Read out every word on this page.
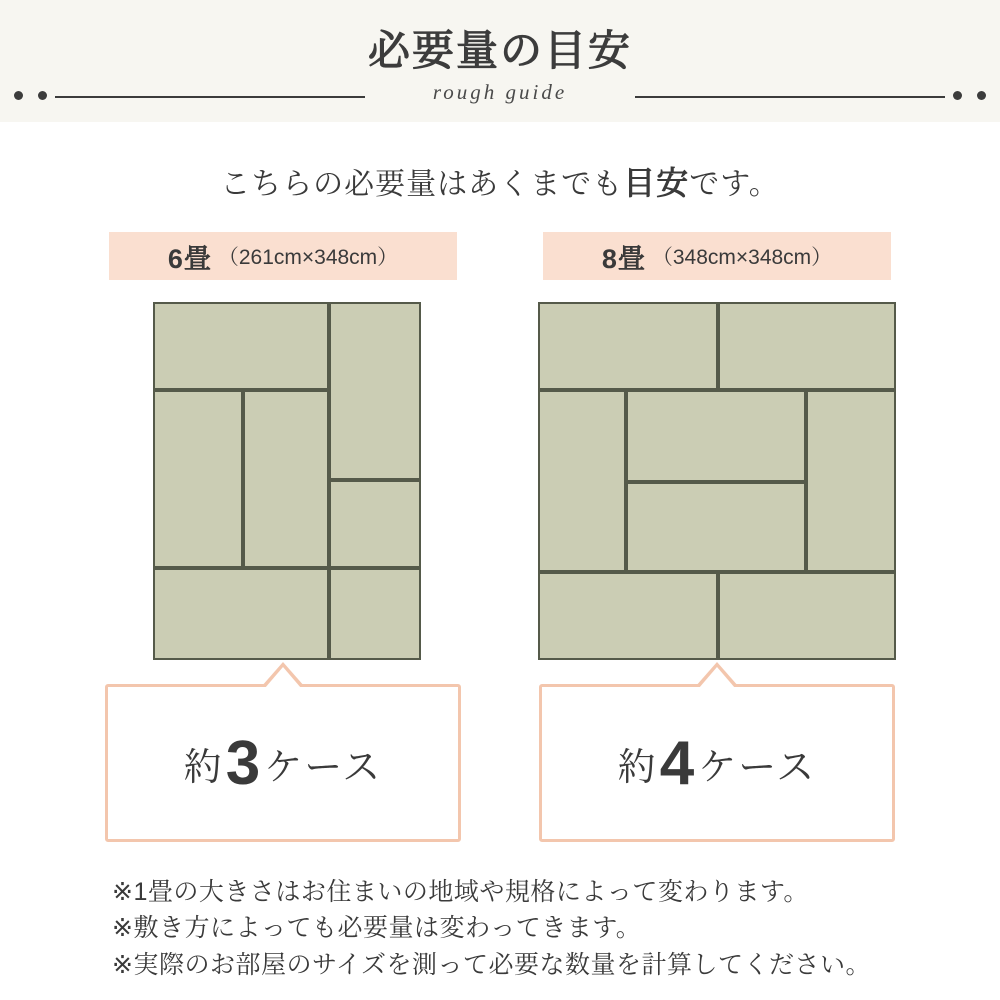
必要量の目安
rough guide
こちらの必要量はあくまでも目安です。
6畳 （261cm×348cm）	8畳 （348cm×348cm）
約3ケース	約4ケース
※1畳の大きさはお住まいの地域や規格によって変わります。
※敷き方によっても必要量は変わってきます。
※実際のお部屋のサイズを測って必要な数量を計算してください。
